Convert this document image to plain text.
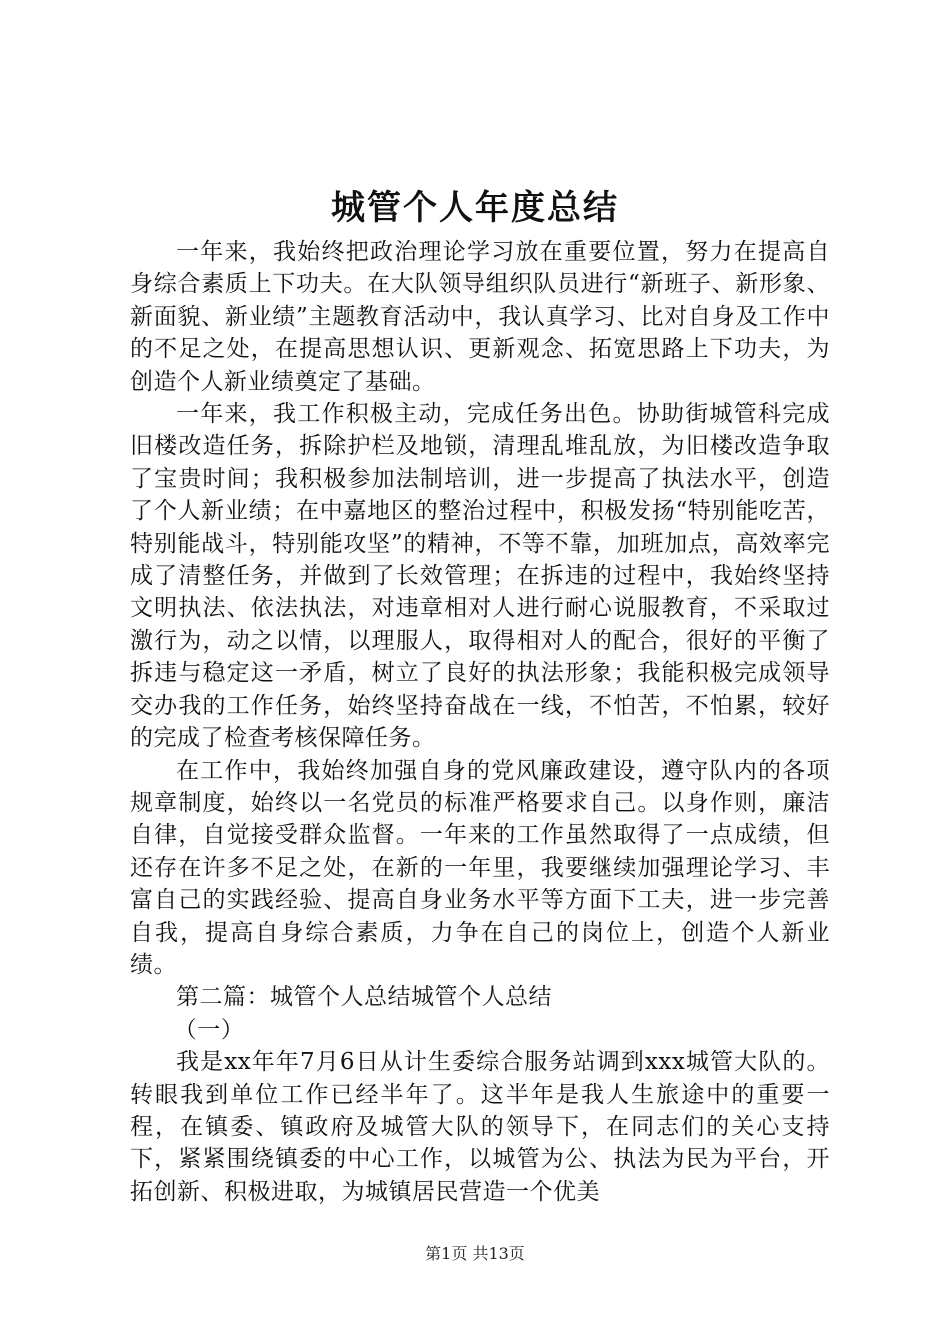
城管个人年度总结

一年来，我始终把政治理论学习放在重要位置，努力在提高自身综合素质上下功夫。在大队领导组织队员进行“新班子、新形象、新面貌、新业绩”主题教育活动中，我认真学习、比对自身及工作中的不足之处，在提高思想认识、更新观念、拓宽思路上下功夫，为创造个人新业绩奠定了基础。

一年来，我工作积极主动，完成任务出色。协助街城管科完成旧楼改造任务，拆除护栏及地锁，清理乱堆乱放，为旧楼改造争取了宝贵时间；我积极参加法制培训，进一步提高了执法水平，创造了个人新业绩；在中嘉地区的整治过程中，积极发扬“特别能吃苦，特别能战斗，特别能攻坚”的精神，不等不靠，加班加点，高效率完成了清整任务，并做到了长效管理；在拆违的过程中，我始终坚持文明执法、依法执法，对违章相对人进行耐心说服教育，不采取过激行为，动之以情，以理服人，取得相对人的配合，很好的平衡了拆违与稳定这一矛盾，树立了良好的执法形象；我能积极完成领导交办我的工作任务，始终坚持奋战在一线，不怕苦，不怕累，较好的完成了检查考核保障任务。

在工作中，我始终加强自身的党风廉政建设，遵守队内的各项规章制度，始终以一名党员的标准严格要求自己。以身作则，廉洁自律，自觉接受群众监督。一年来的工作虽然取得了一点成绩，但还存在许多不足之处，在新的一年里，我要继续加强理论学习、丰富自己的实践经验、提高自身业务水平等方面下工夫，进一步完善自我，提高自身综合素质，力争在自己的岗位上，创造个人新业绩。

第二篇：城管个人总结城管个人总结

（一）

我是xx年年7月6日从计生委综合服务站调到xxx城管大队的。转眼我到单位工作已经半年了。这半年是我人生旅途中的重要一程，在镇委、镇政府及城管大队的领导下，在同志们的关心支持下，紧紧围绕镇委的中心工作，以城管为公、执法为民为平台，开拓创新、积极进取，为城镇居民营造一个优美

第1页 共13页
